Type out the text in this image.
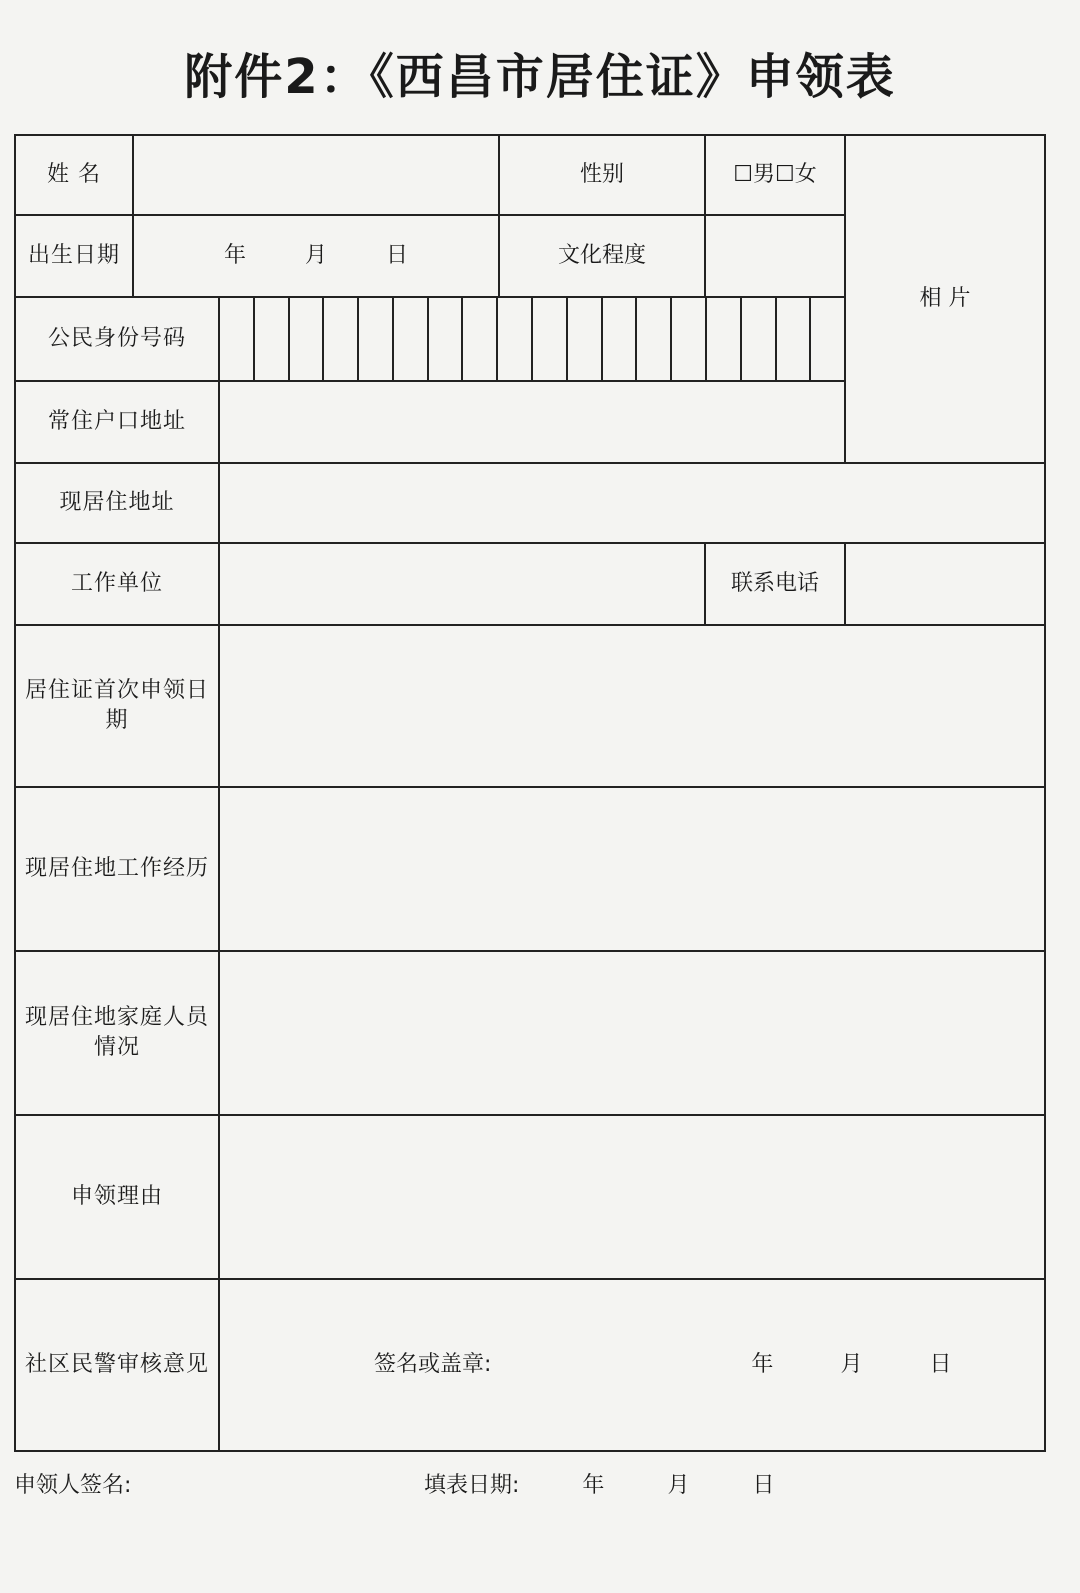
附件2：《西昌市居住证》申领表
姓 名			性别	☐男☐女	相 片
出生日期	年 月 日		文化程度		
公民身份号码					

常住户口地址					
现居住地址					
工作单位				联系电话	
居住证首次申领日期					
现居住地工作经历					
现居住地家庭人员情况					
申领理由					
社区民警审核意见		签名或盖章: 年 月 日			
申领人签名:	填表日期:	年	月	日
